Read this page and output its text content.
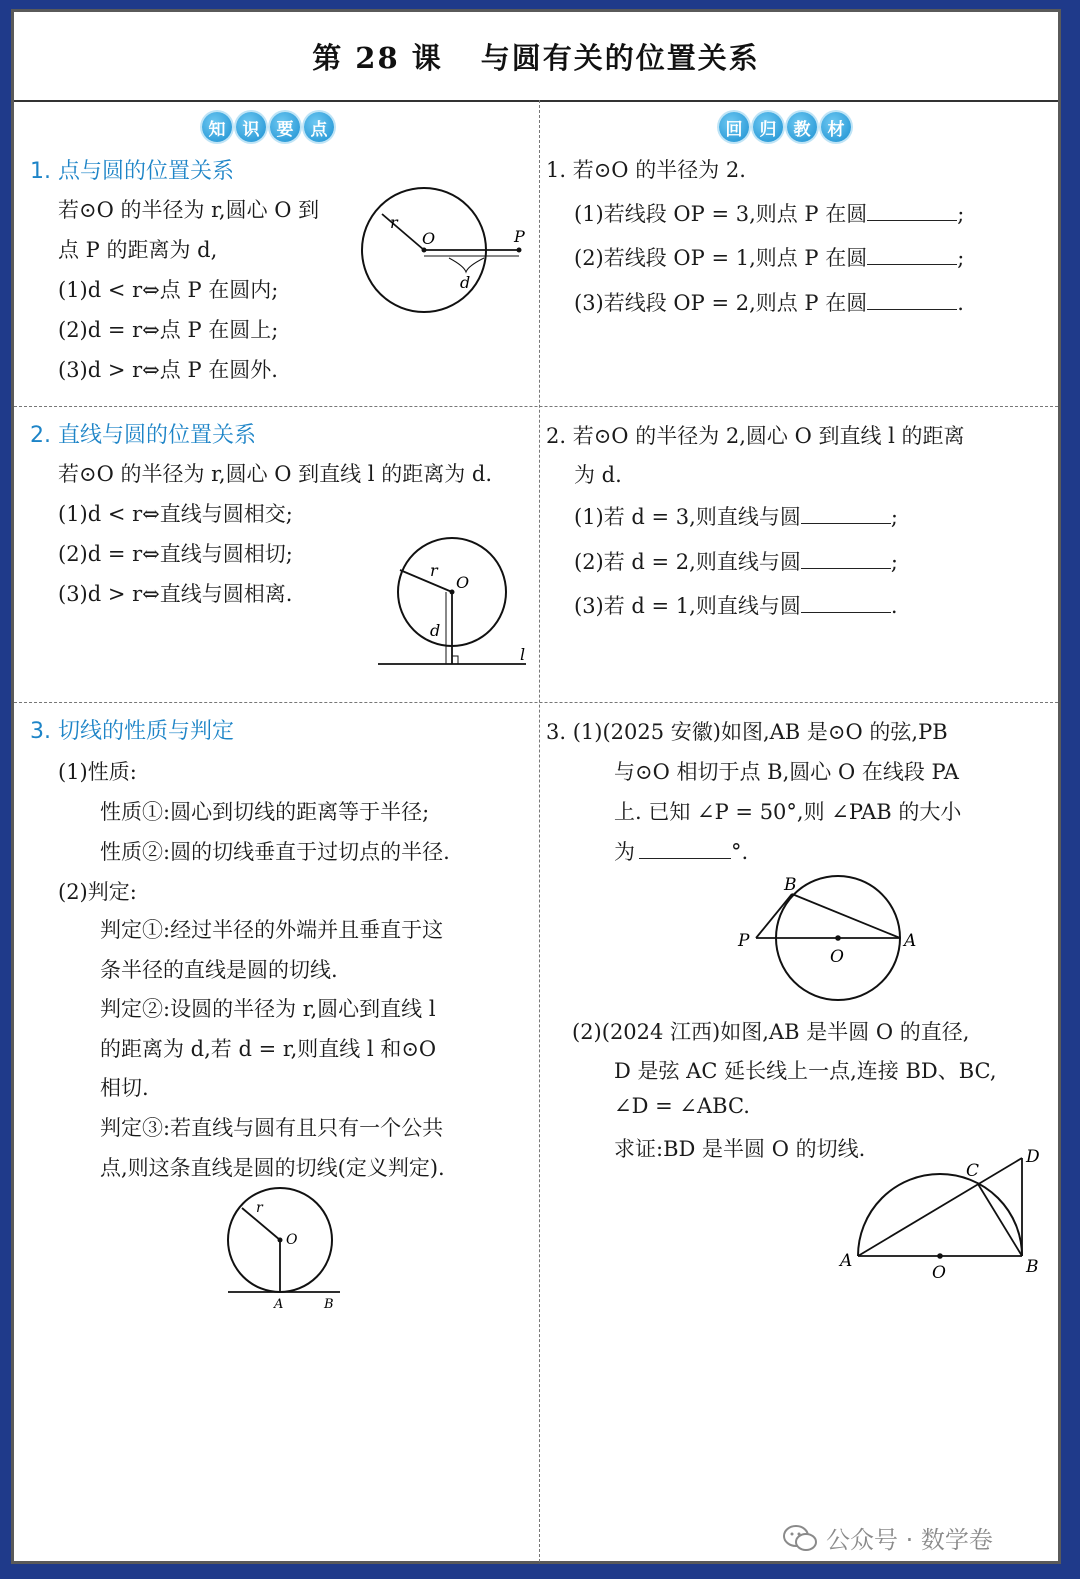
第 28 课 与圆有关的位置关系
知	识	要	点	回	归	教	材
1. 点与圆的位置关系
若⊙O 的半径为 r,圆心 O 到
点 P 的距离为 d,
(1)d < r⇔点 P 在圆内;
(2)d = r⇔点 P 在圆上;
(3)d > r⇔点 P 在圆外.
r
O	P
d
2. 直线与圆的位置关系
若⊙O 的半径为 r,圆心 O 到直线 l 的距离为 d.
(1)d < r⇔直线与圆相交;
(2)d = r⇔直线与圆相切;
(3)d > r⇔直线与圆相离.
r
O
d
l
3. 切线的性质与判定
(1)性质:
性质①:圆心到切线的距离等于半径;
性质②:圆的切线垂直于过切点的半径.
(2)判定:
判定①:经过半径的外端并且垂直于这
条半径的直线是圆的切线.
判定②:设圆的半径为 r,圆心到直线 l
的距离为 d,若 d = r,则直线 l 和⊙O
相切.
判定③:若直线与圆有且只有一个公共
点,则这条直线是圆的切线(定义判定).
r
O
A	B
1. 若⊙O 的半径为 2.
(1)若线段 OP = 3,则点 P 在圆	;
(2)若线段 OP = 1,则点 P 在圆	;
(3)若线段 OP = 2,则点 P 在圆	.
2. 若⊙O 的半径为 2,圆心 O 到直线 l 的距离
为 d.
(1)若 d = 3,则直线与圆	;
(2)若 d = 2,则直线与圆	;
(3)若 d = 1,则直线与圆	.
3. (1)(2025 安徽)如图,AB 是⊙O 的弦,PB
与⊙O 相切于点 B,圆心 O 在线段 PA
上. 已知 ∠P = 50°,则 ∠PAB 的大小
为	°.
B
P
O
A
(2)(2024 江西)如图,AB 是半圆 O 的直径,
D 是弦 AC 延长线上一点,连接 BD、BC,
∠D = ∠ABC.
求证:BD 是半圆 O 的切线.
C
D
A
O	B
公众号 · 数学卷
